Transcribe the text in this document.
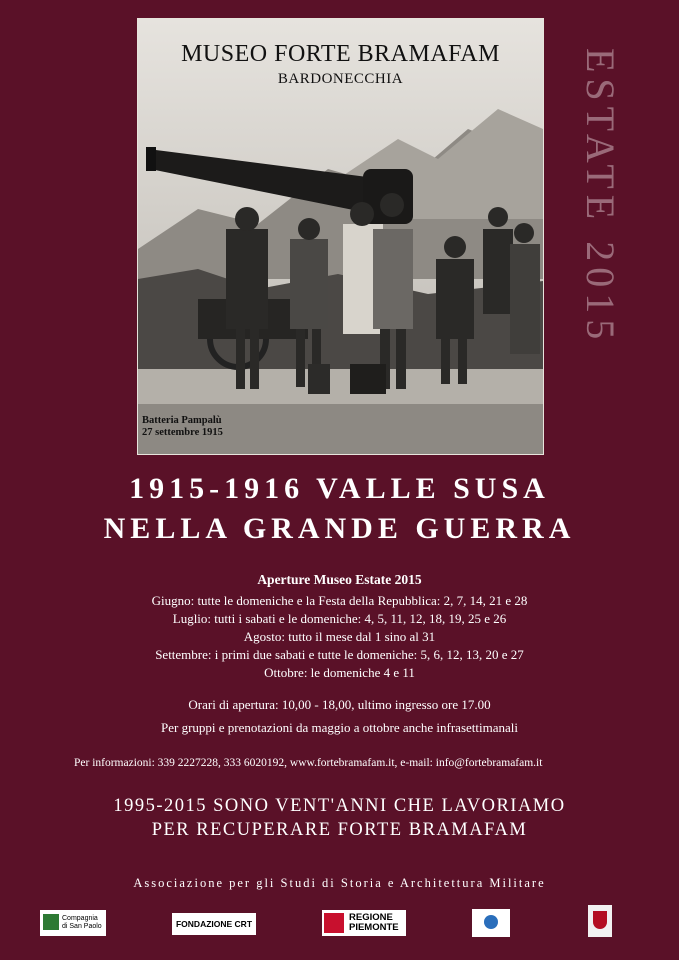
MUSEO FORTE BRAMAFAM
BARDONECCHIA
Batteria Pampalù
27 settembre 1915
ESTATE 2015
1915-1916 VALLE SUSA
NELLA GRANDE GUERRA
Aperture Museo Estate 2015
Giugno: tutte le domeniche e la Festa della Repubblica: 2, 7, 14, 21 e 28
Luglio: tutti i sabati e le domeniche: 4, 5, 11, 12, 18, 19, 25 e 26
Agosto: tutto il mese dal 1 sino al 31
Settembre: i primi due sabati e tutte le domeniche: 5, 6, 12, 13, 20 e 27
Ottobre: le domeniche 4 e 11
Orari di apertura: 10,00 - 18,00, ultimo ingresso ore 17.00
Per gruppi e prenotazioni da maggio a ottobre anche infrasettimanali
Per informazioni: 339 2227228, 333 6020192, www.fortebramafam.it, e-mail: info@fortebramafam.it
1995-2015 SONO VENT'ANNI CHE LAVORIAMO
PER RECUPERARE FORTE BRAMAFAM
Associazione per gli Studi di Storia e Architettura Militare
Compagnia
di San Paolo	FONDAZIONE CRT
REGIONE
PIEMONTE
